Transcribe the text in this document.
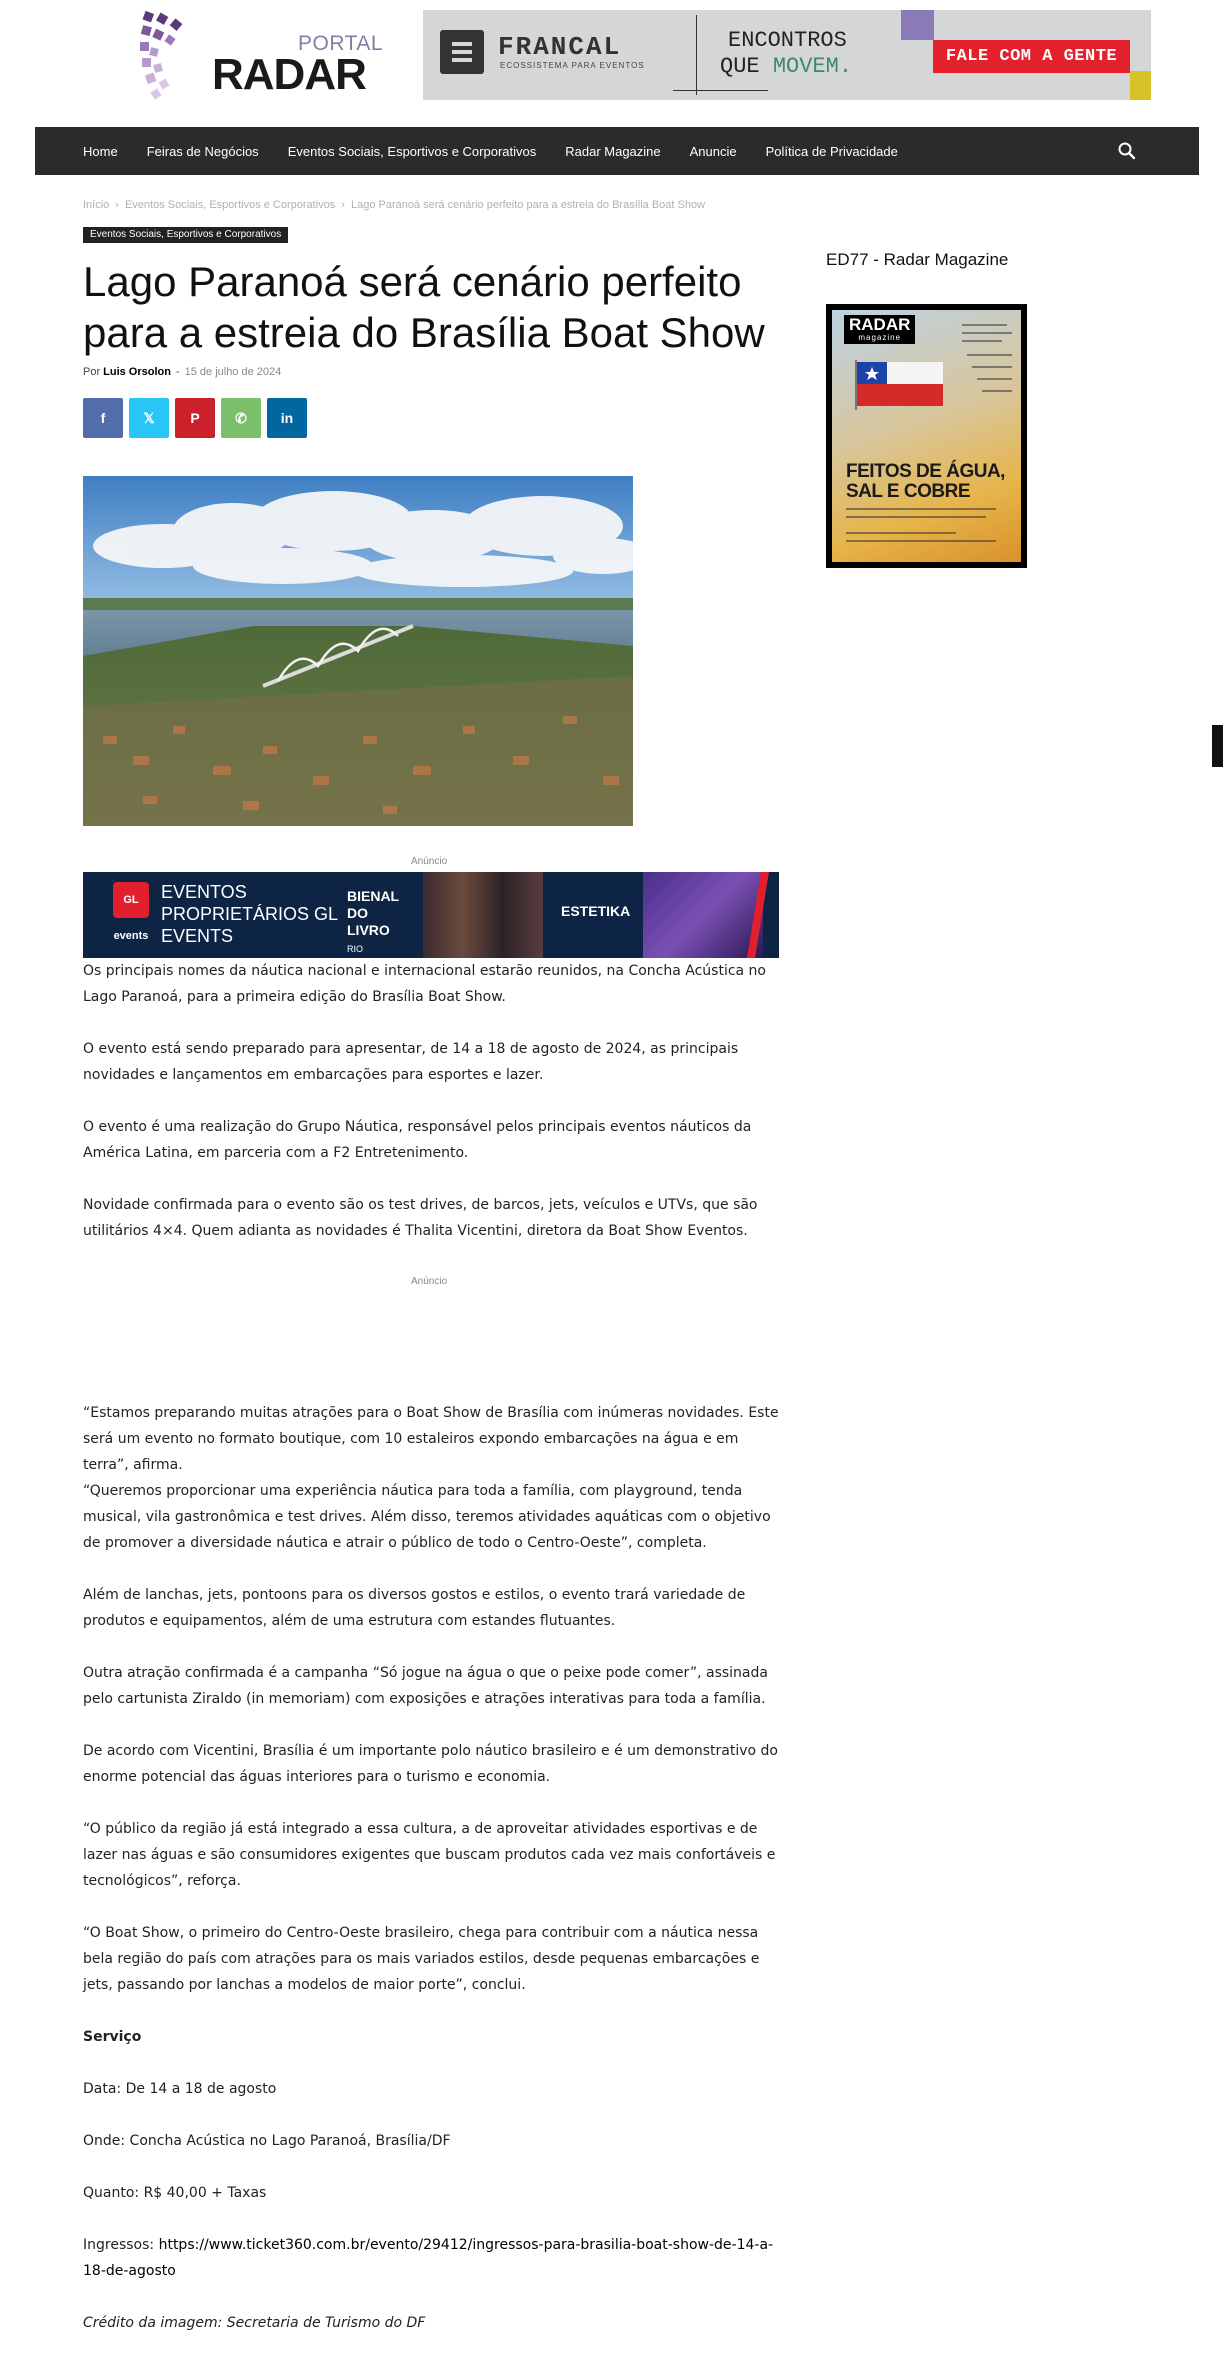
PORTAL
RADAR
FRANCAL
ECOSSISTEMA PARA EVENTOS
ENCONTROS
QUE MOVEM.	FALE COM A GENTE
Home Feiras de Negócios Eventos Sociais, Esportivos e Corporativos Radar Magazine Anuncie Política de Privacidade
Início › Eventos Sociais, Esportivos e Corporativos › Lago Paranoá será cenário perfeito para a estreia do Brasília Boat Show
Eventos Sociais, Esportivos e Corporativos
Lago Paranoá será cenário perfeito para a estreia do Brasília Boat Show
Por Luis Orsolon - 15 de julho de 2024
f	𝕏	P	✆	in
Anúncio
GL events
EVENTOS PROPRIETÁRIOS GL EVENTS
BIENAL DO LIVRO
RIO
ESTETIKA

Os principais nomes da náutica nacional e internacional estarão reunidos, na Concha Acústica no Lago Paranoá, para a primeira edição do Brasília Boat Show.

O evento está sendo preparado para apresentar, de 14 a 18 de agosto de 2024, as principais novidades e lançamentos em embarcações para esportes e lazer.

O evento é uma realização do Grupo Náutica, responsável pelos principais eventos náuticos da América Latina, em parceria com a F2 Entretenimento.

Novidade confirmada para o evento são os test drives, de barcos, jets, veículos e UTVs, que são utilitários 4×4. Quem adianta as novidades é Thalita Vicentini, diretora da Boat Show Eventos.

Anúncio

“Estamos preparando muitas atrações para o Boat Show de Brasília com inúmeras novidades. Este será um evento no formato boutique, com 10 estaleiros expondo embarcações na água e em terra”, afirma.

“Queremos proporcionar uma experiência náutica para toda a família, com playground, tenda musical, vila gastronômica e test drives. Além disso, teremos atividades aquáticas com o objetivo de promover a diversidade náutica e atrair o público de todo o Centro-Oeste”, completa.

Além de lanchas, jets, pontoons para os diversos gostos e estilos, o evento trará variedade de produtos e equipamentos, além de uma estrutura com estandes flutuantes.

Outra atração confirmada é a campanha “Só jogue na água o que o peixe pode comer”, assinada pelo cartunista Ziraldo (in memoriam) com exposições e atrações interativas para toda a família.

De acordo com Vicentini, Brasília é um importante polo náutico brasileiro e é um demonstrativo do enorme potencial das águas interiores para o turismo e economia.

“O público da região já está integrado a essa cultura, a de aproveitar atividades esportivas e de lazer nas águas e são consumidores exigentes que buscam produtos cada vez mais confortáveis e tecnológicos”, reforça.

“O Boat Show, o primeiro do Centro-Oeste brasileiro, chega para contribuir com a náutica nessa bela região do país com atrações para os mais variados estilos, desde pequenas embarcações e jets, passando por lanchas a modelos de maior porte”, conclui.

Serviço

Data: De 14 a 18 de agosto

Onde: Concha Acústica no Lago Paranoá, Brasília/DF

Quanto: R$ 40,00 + Taxas

Ingressos: https://www.ticket360.com.br/evento/29412/ingressos-para-brasilia-boat-show-de-14-a-18-de-agosto

Crédito da imagem: Secretaria de Turismo do DF

ED77 - Radar Magazine
RADAR
magazine
FEITOS DE ÁGUA, SAL E COBRE
